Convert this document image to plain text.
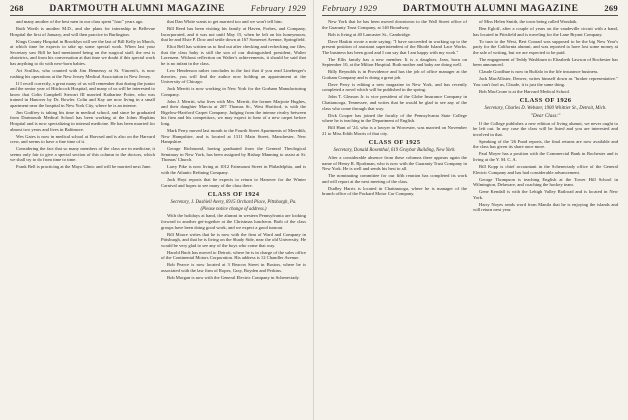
268	DARTMOUTH ALUMNI MAGAZINE	February 1929

and many another of the best men in our class spent "four" years ago.

Ruth Worth is another M.D., and she plans for internship in Bellevue Hospital the first of January, and will then practice in Burlington.

Kings County Hospital in Brooklyn will see the last of Bill Kelly in March, at which time he expects to take up some special work. When last your Secretary saw Bill he had mentioned being on the surgical staff; the rest is obstetrics, and from his conversation at that time we doubt if this special work has anything to do with new-born babies.

Art Sculliss, who counted with Jim Hennessy at St. Vincent's, is now rushing his operations at the New Jersey Medical Association in New Jersey.

If I recall correctly, a great many of us will remember that during the junior and the senior year of Hitchcock Hospital, and many of us will be interested to know that Colin Campbell Stewart III married Katharine Potter, who was trained in Hanover by Dr. Bowler. Colin and Kay are now living in a small apartment near the hospital in New York City, where he is an interne.

Jim Godfrey is taking his time in medical school, and since he graduated from Dartmouth Medical School has been working at the Johns Hopkins Hospital and is now specializing in internal medicine. He has been married for almost two years and lives in Baltimore.

Wes Gates is now in medical school at Harvard and is also on the Harvard crew, and seems to have a fine time of it.

Considering the fact that so many members of the class are in medicine, it seems only fair to give a special section of this column to the doctors, which we shall try to do from time to time.

Frank Bell is practicing at the Mayo Clinic and will be married next June.

that Dan White wants to get married too and we won't tell him.

Bill Reed has been visiting his family at Haven, Forbes, and Company, Incorporated, and it was not until May 15, when he left on his honeymoon, that he and Elsie P. Dow and settle down at 167 Somerset Avenue, Springfield.

Eliot Bell has written us to find out after checking and rechecking our files, that the class baby is still the son of our distinguished president, Walter Lorenzen. Without reflection on Walter's achievements, it should be said that he is no infant in the class.

Lew Henderson rather concludes in the fact that if you read Lineberger's theories, you will find the author now holding an appointment at the University of Chicago.

Jack Merritt is now working in New York for the Gorham Manufacturing Company.

John J. Merritt, who lives with Mrs. Merritt, the former Marjorie Hughes, and their daughter Marcia at 207 Thomas St., West Hartford, is with the Bigelow-Hartford Carpet Company. Judging from the intense rivalry between his firm and his competitors, we may expect to hear of a new carpet before long.

Mark Perry moved last month to the Fourth Street Apartments of Meredith, New Hampshire, and is located at 1311 Main Street, Manchester, New Hampshire.

George Richmond, having graduated from the General Theological Seminary in New York, has been assigned by Bishop Manning to assist at St. Thomas' Church.

Larry Pike is now living at 1012 Fairmount Street in Philadelphia, and is with the Atlantic Refining Company.

Jack Hoyt reports that he expects to return to Hanover for the Winter Carnival and hopes to see many of the class there.

CLASS OF 1924

Secretary, J. Dashiell Avery, 6915 Orchard Place, Pittsburgh, Pa.

(Please notice change of address.)

With the holidays at hand, the alumni in western Pennsylvania are looking forward to another get-together at the Christmas luncheon. Both of the class groups have been doing good work, and we expect a good turnout.

Bill Moore writes that he is now with the firm of Ward and Company in Pittsburgh, and that he is living on the Shady Side, near the old University. He would be very glad to see any of the boys who come that way.

Harold Buck has moved to Detroit, where he is in charge of the sales office of the Continental Motors Corporation. His address is 12 Chandler Avenue.

Bob Pearce is now located at 3 Beacon Street in Boston, where he is associated with the law firm of Ropes, Gray, Boyden and Perkins.

Bob Morgan is now with the General Electric Company in Schenectady.

February 1929	DARTMOUTH ALUMNI MAGAZINE	269

New York that he has been moved downtown to the Wall Street office of the Guaranty Trust Company, at 140 Broadway.

Bob is living at 40 Lancaster St., Cambridge.

Dave Haskin wrote a note saying: "I have succeeded in working up to the present position of assistant superintendent of the Rhode Island Lace Works. The business has been good and I can say that I am happy with my work."

The Ellis family has a new member. It is a daughter, Jean, born on September 10, at the Milton Hospital. Both mother and baby are doing well.

Billy Reynolds is in Providence and has the job of office manager at the Gorham Company and is doing a great job.

Dave Perry is editing a new magazine in New York, and has recently completed a novel which will be published in the spring.

John T. Gleason Jr. is vice president of the Globe Insurance Company in Chattanooga, Tennessee, and writes that he would be glad to see any of the class who come through that way.

Dick Cooper has joined the faculty of the Pennsylvania State College where he is teaching in the Department of English.

Bill Hunt of '24, who is a lawyer in Worcester, was married on November 21 to Miss Edith Morris of that city.

CLASS OF 1925

Secretary, Donald Rosenthal, 619 Graybar Building, New York.

After a considerable absence from these columns there appears again the name of Henry R. Bjorkman, who is now with the Guaranty Trust Company in New York. He is well and sends his best to all.

The nominating committee for our fifth reunion has completed its work and will report at the next meeting of the class.

Dudley Harris is located in Chattanooga, where he is manager of the branch office of the Packard Motor Car Company.

of Miss Helen Smith, the town being called Wondaik.

Ben Egloff, after a couple of years on the vaudeville circuit with a band, has located in Pittsfield and is traveling for the Lane Bryant Company.

To turn to the West, Bert Conrad was supposed to be the big New Year's party for the California alumni, and was reported to have lost some money at the sale of writing, but we are expected to be paid.

The engagement of Teddy Washburn to Elizabeth Lawson of Rochester has been announced.

Claude Goodhue is now in Buffalo in the life insurance business.

Jack MacAllister, Denver, writes himself down as "broker representative." You can't fool us, Claude, it is just the same thing.

Bob MacCrone is at the Harvard Medical School.

CLASS OF 1926

Secretary, Charles D. Webster, 1900 Whittier St., Detroit, Mich.

"Dear Class:"

If the College publishes a new edition of living alumni, we never ought to be left out. In any case the class will be listed and you are interested and involved in that.

Speaking of the '26 Fund reports, the final returns are now available and the class has given its share once more.

Paul Moyer has a position with the Commercial Bank in Rochester and is living at the Y. M. C. A.

Bill Kopp is chief accountant in the Schenectady office of the General Electric Company and has had considerable advancement.

George Thompson is teaching English at the Tower Hill School in Wilmington, Delaware, and coaching the hockey team.

Gene Kendall is with the Lehigh Valley Railroad and is located in New York.

Harry Noyes sends word from Manila that he is enjoying the islands and will return next year.
